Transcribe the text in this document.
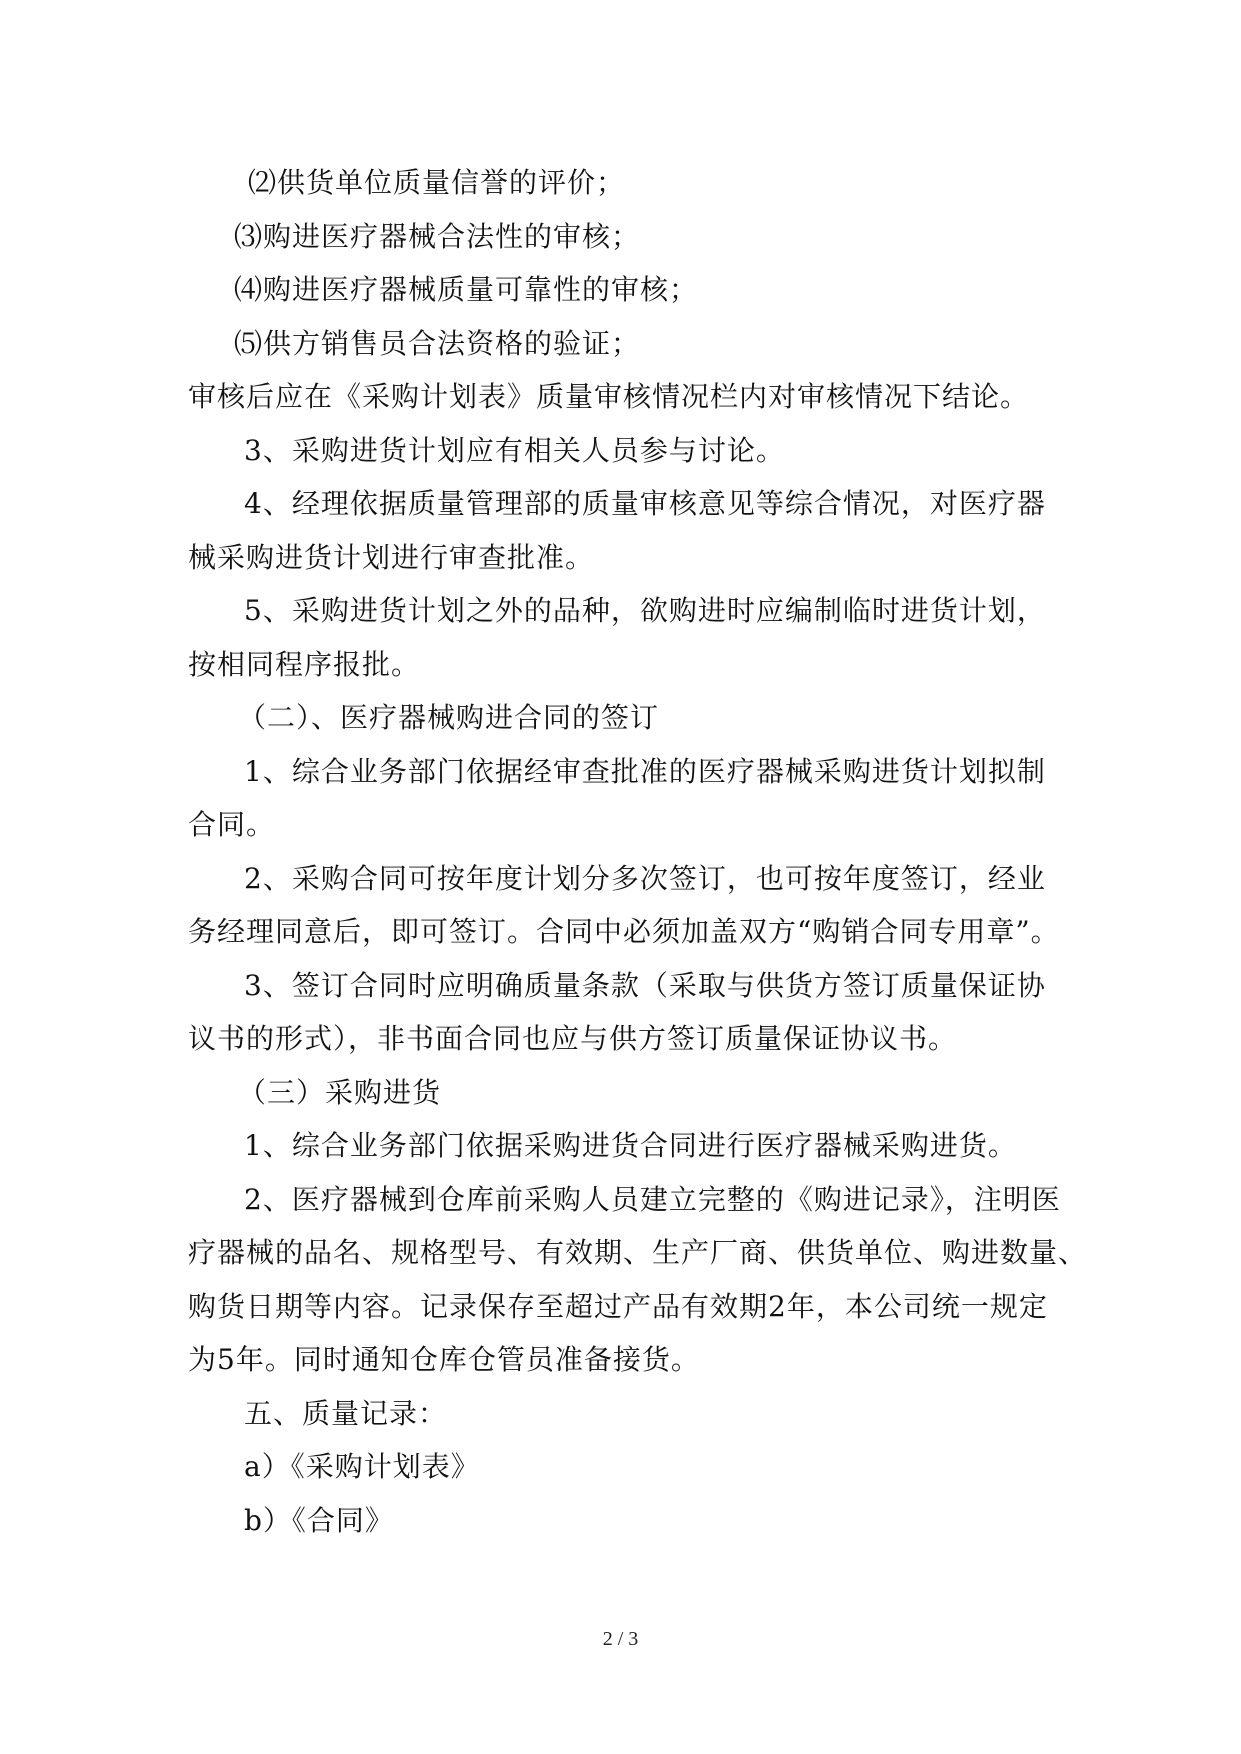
⑵供货单位质量信誉的评价；
⑶购进医疗器械合法性的审核；
⑷购进医疗器械质量可靠性的审核；
⑸供方销售员合法资格的验证；
审核后应在《采购计划表》质量审核情况栏内对审核情况下结论。
3、采购进货计划应有相关人员参与讨论。
4、经理依据质量管理部的质量审核意见等综合情况，对医疗器
械采购进货计划进行审查批准。
5、采购进货计划之外的品种，欲购进时应编制临时进货计划，
按相同程序报批。
（二）、医疗器械购进合同的签订
1、综合业务部门依据经审查批准的医疗器械采购进货计划拟制
合同。
2、采购合同可按年度计划分多次签订，也可按年度签订，经业
务经理同意后，即可签订。合同中必须加盖双方“购销合同专用章”。
3、签订合同时应明确质量条款（采取与供货方签订质量保证协
议书的形式），非书面合同也应与供方签订质量保证协议书。
（三）采购进货
1、综合业务部门依据采购进货合同进行医疗器械采购进货。
2、医疗器械到仓库前采购人员建立完整的《购进记录》，注明医
疗器械的品名、规格型号、有效期、生产厂商、供货单位、购进数量、
购货日期等内容。记录保存至超过产品有效期2年，本公司统一规定
为5年。同时通知仓库仓管员准备接货。
五、质量记录：
a）《采购计划表》
b）《合同》
2 / 3
